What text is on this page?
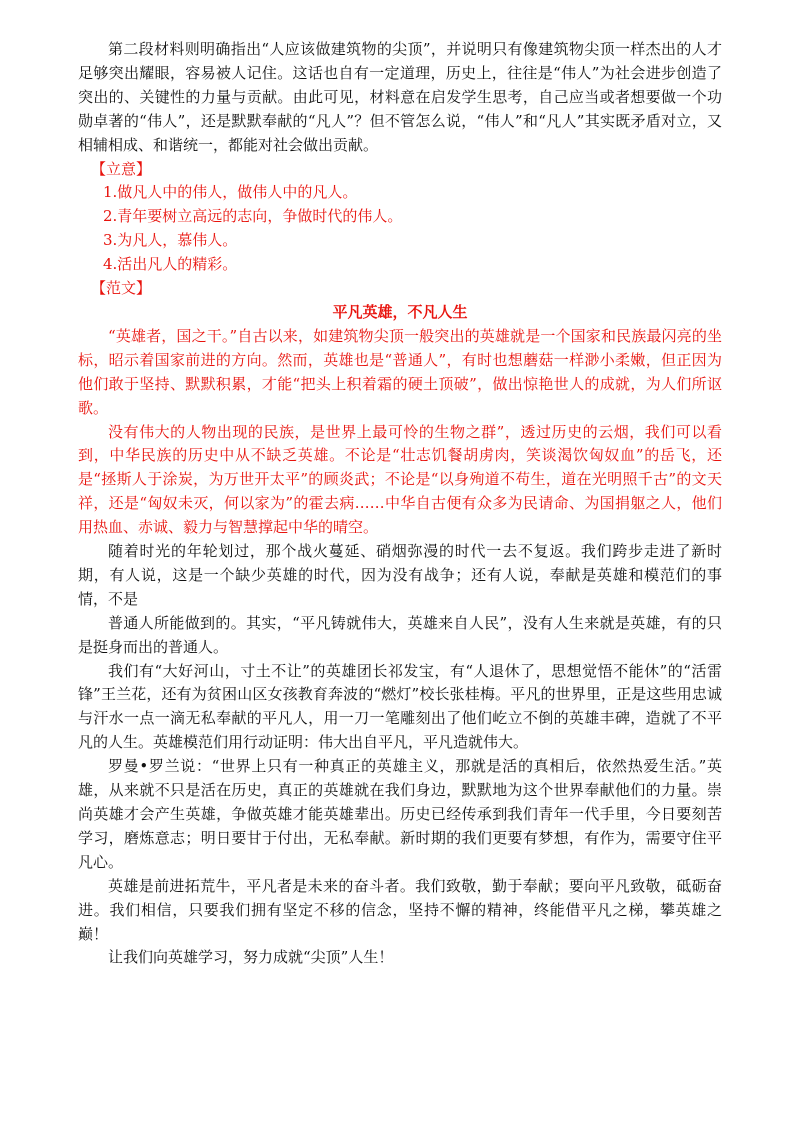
第二段材料则明确指出“人应该做建筑物的尖顶”，并说明只有像建筑物尖顶一样杰出的人才足够突出耀眼，容易被人记住。这话也自有一定道理，历史上，往往是“伟人”为社会进步创造了突出的、关键性的力量与贡献。由此可见，材料意在启发学生思考，自己应当或者想要做一个功勋卓著的“伟人”，还是默默奉献的“凡人”？但不管怎么说，“伟人”和“凡人”其实既矛盾对立，又相辅相成、和谐统一，都能对社会做出贡献。

【立意】

1.做凡人中的伟人，做伟人中的凡人。

2.青年要树立高远的志向，争做时代的伟人。

3.为凡人，慕伟人。

4.活出凡人的精彩。

【范文】

平凡英雄，不凡人生

“英雄者，国之干。”自古以来，如建筑物尖顶一般突出的英雄就是一个国家和民族最闪亮的坐标，昭示着国家前进的方向。然而，英雄也是“普通人”，有时也想蘑菇一样渺小柔嫩，但正因为他们敢于坚持、默默积累，才能“把头上积着霜的硬土顶破”，做出惊艳世人的成就，为人们所讴歌。

没有伟大的人物出现的民族，是世界上最可怜的生物之群”，透过历史的云烟，我们可以看到，中华民族的历史中从不缺乏英雄。不论是“壮志饥餐胡虏肉，笑谈渴饮匈奴血”的岳飞，还是“拯斯人于涂炭，为万世开太平”的顾炎武；不论是“以身殉道不苟生，道在光明照千古”的文天祥，还是“匈奴未灭，何以家为”的霍去病……中华自古便有众多为民请命、为国捐躯之人，他们用热血、赤诚、毅力与智慧撑起中华的晴空。

随着时光的年轮划过，那个战火蔓延、硝烟弥漫的时代一去不复返。我们跨步走进了新时期，有人说，这是一个缺少英雄的时代，因为没有战争；还有人说，奉献是英雄和模范们的事情，不是

普通人所能做到的。其实，“平凡铸就伟大，英雄来自人民”，没有人生来就是英雄，有的只是挺身而出的普通人。

我们有“大好河山，寸土不让”的英雄团长祁发宝，有“人退休了，思想觉悟不能休”的“活雷锋”王兰花，还有为贫困山区女孩教育奔波的“燃灯”校长张桂梅。平凡的世界里，正是这些用忠诚与汗水一点一滴无私奉献的平凡人，用一刀一笔雕刻出了他们屹立不倒的英雄丰碑，造就了不平凡的人生。英雄模范们用行动证明：伟大出自平凡，平凡造就伟大。

罗曼•罗兰说：“世界上只有一种真正的英雄主义，那就是活的真相后，依然热爱生活。”英雄，从来就不只是活在历史，真正的英雄就在我们身边，默默地为这个世界奉献他们的力量。崇尚英雄才会产生英雄，争做英雄才能英雄辈出。历史已经传承到我们青年一代手里，今日要刻苦学习，磨炼意志；明日要甘于付出，无私奉献。新时期的我们更要有梦想，有作为，需要守住平凡心。

英雄是前进拓荒牛，平凡者是未来的奋斗者。我们致敬，勤于奉献；要向平凡致敬，砥砺奋进。我们相信，只要我们拥有坚定不移的信念，坚持不懈的精神，终能借平凡之梯，攀英雄之巅！

让我们向英雄学习，努力成就“尖顶”人生！
